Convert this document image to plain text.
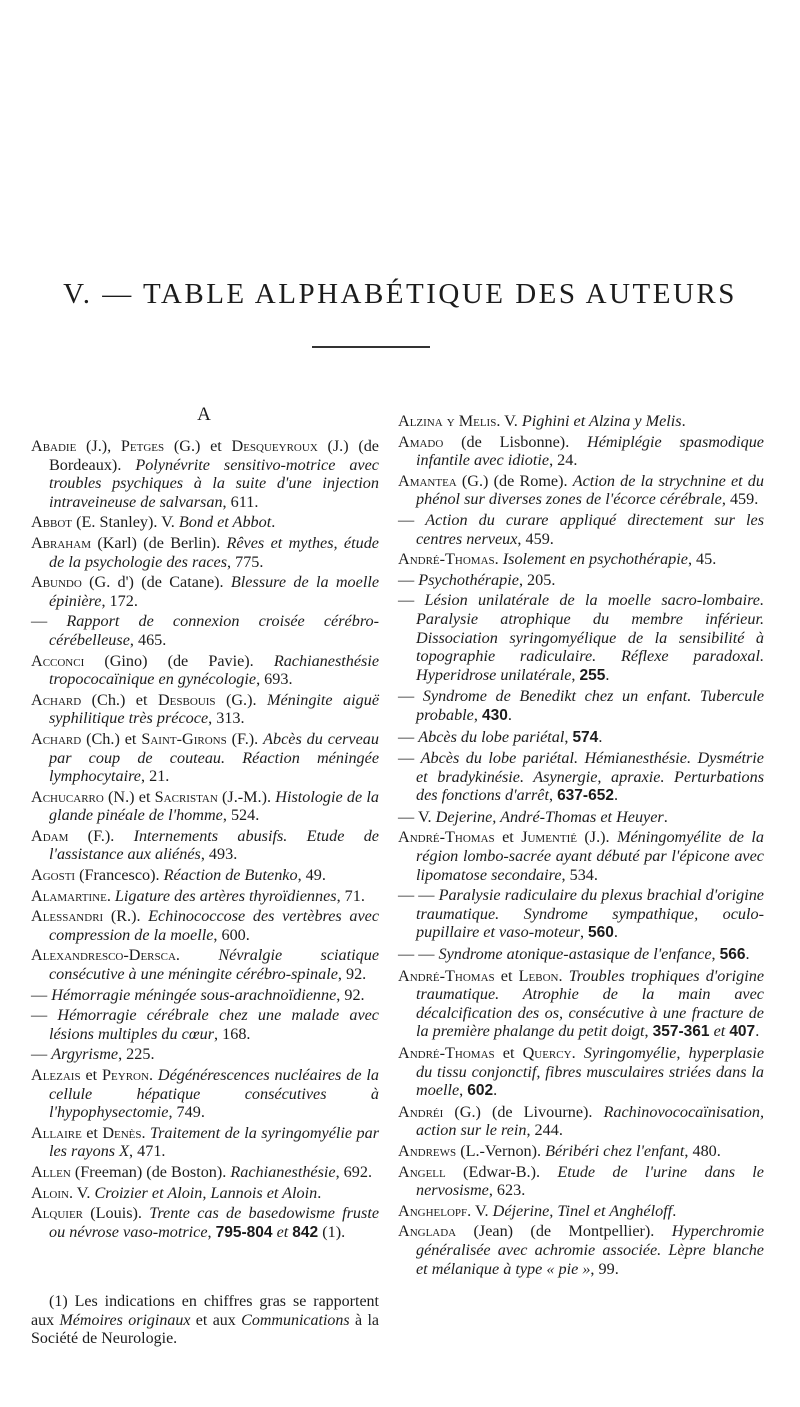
V. — TABLE ALPHABÉTIQUE DES AUTEURS
A

Abadie (J.), Petges (G.) et Desqueyroux (J.) (de Bordeaux). Polynévrite sensitivo-motrice avec troubles psychiques à la suite d'une injection intraveineuse de salvarsan, 611.

Abbot (E. Stanley). V. Bond et Abbot.

Abraham (Karl) (de Berlin). Rêves et mythes, étude de la psychologie des races, 775.

Abundo (G. d') (de Catane). Blessure de la moelle épinière, 172.

— Rapport de connexion croisée cérébro-cérébelleuse, 465.

Acconci (Gino) (de Pavie). Rachianesthésie tropococaïnique en gynécologie, 693.

Achard (Ch.) et Desbouis (G.). Méningite aiguë syphilitique très précoce, 313.

Achard (Ch.) et Saint-Girons (F.). Abcès du cerveau par coup de couteau. Réaction méningée lymphocytaire, 21.

Achucarro (N.) et Sacristan (J.-M.). Histologie de la glande pinéale de l'homme, 524.

Adam (F.). Internements abusifs. Etude de l'assistance aux aliénés, 493.

Agosti (Francesco). Réaction de Butenko, 49.

Alamartine. Ligature des artères thyroïdiennes, 71.

Alessandri (R.). Echinococcose des vertèbres avec compression de la moelle, 600.

Alexandresco-Dersca. Névralgie sciatique consécutive à une méningite cérébro-spinale, 92.

— Hémorragie méningée sous-arachnoïdienne, 92.

— Hémorragie cérébrale chez une malade avec lésions multiples du cœur, 168.

— Argyrisme, 225.

Alezais et Peyron. Dégénérescences nucléaires de la cellule hépatique consécutives à l'hypophysectomie, 749.

Allaire et Denès. Traitement de la syringomyélie par les rayons X, 471.

Allen (Freeman) (de Boston). Rachianesthésie, 692.

Aloin. V. Croizier et Aloin, Lannois et Aloin.

Alquier (Louis). Trente cas de basedowisme fruste ou névrose vaso-motrice, 795-804 et 842 (1).

Alzina y Melis. V. Pighini et Alzina y Melis.

Amado (de Lisbonne). Hémiplégie spasmodique infantile avec idiotie, 24.

Amantea (G.) (de Rome). Action de la strychnine et du phénol sur diverses zones de l'écorce cérébrale, 459.

— Action du curare appliqué directement sur les centres nerveux, 459.

André-Thomas. Isolement en psychothérapie, 45.

— Psychothérapie, 205.

— Lésion unilatérale de la moelle sacro-lombaire. Paralysie atrophique du membre inférieur. Dissociation syringomyélique de la sensibilité à topographie radiculaire. Réflexe paradoxal. Hyperidrose unilatérale, 255.

— Syndrome de Benedikt chez un enfant. Tubercule probable, 430.

— Abcès du lobe pariétal, 574.

— Abcès du lobe pariétal. Hémianesthésie. Dysmétrie et bradykinésie. Asynergie, apraxie. Perturbations des fonctions d'arrêt, 637-652.

— V. Dejerine, André-Thomas et Heuyer.

André-Thomas et Jumentié (J.). Méningomyélite de la région lombo-sacrée ayant débuté par l'épicone avec lipomatose secondaire, 534.

— — Paralysie radiculaire du plexus brachial d'origine traumatique. Syndrome sympathique, oculo-pupillaire et vaso-moteur, 560.

— — Syndrome atonique-astasique de l'enfance, 566.

André-Thomas et Lebon. Troubles trophiques d'origine traumatique. Atrophie de la main avec décalcification des os, consécutive à une fracture de la première phalange du petit doigt, 357-361 et 407.

André-Thomas et Quercy. Syringomyélie, hyperplasie du tissu conjonctif, fibres musculaires striées dans la moelle, 602.

Andréi (G.) (de Livourne). Rachinovococaïnisation, action sur le rein, 244.

Andrews (L.-Vernon). Béribéri chez l'enfant, 480.

Angell (Edwar-B.). Etude de l'urine dans le nervosisme, 623.

Anghelopf. V. Déjerine, Tinel et Anghéloff.

Anglada (Jean) (de Montpellier). Hyperchromie généralisée avec achromie associée. Lèpre blanche et mélanique à type « pie », 99.

(1) Les indications en chiffres gras se rapportent aux Mémoires originaux et aux Communications à la Société de Neurologie.
